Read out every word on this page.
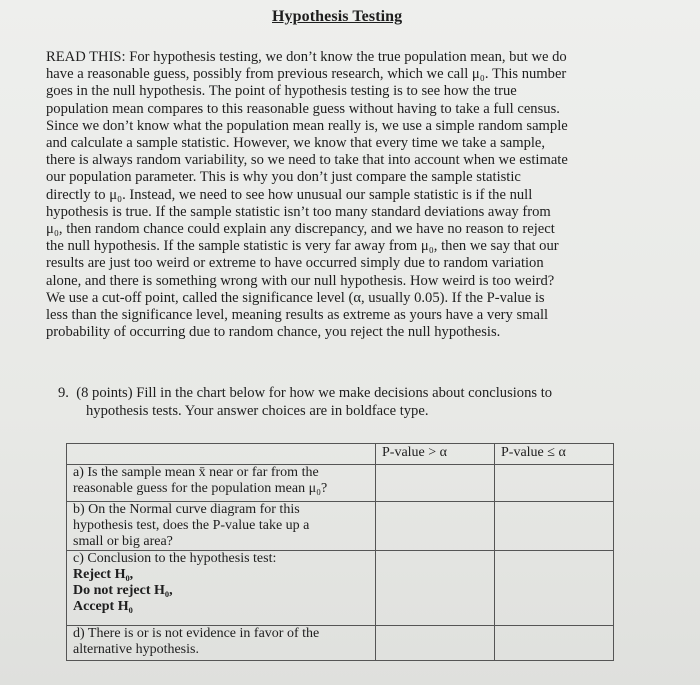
Hypothesis Testing
READ THIS: For hypothesis testing, we don’t know the true population mean, but we do
have a reasonable guess, possibly from previous research, which we call μ₀. This number
goes in the null hypothesis. The point of hypothesis testing is to see how the true
population mean compares to this reasonable guess without having to take a full census.
Since we don’t know what the population mean really is, we use a simple random sample
and calculate a sample statistic. However, we know that every time we take a sample,
there is always random variability, so we need to take that into account when we estimate
our population parameter. This is why you don’t just compare the sample statistic
directly to μ₀. Instead, we need to see how unusual our sample statistic is if the null
hypothesis is true. If the sample statistic isn’t too many standard deviations away from
μ₀, then random chance could explain any discrepancy, and we have no reason to reject
the null hypothesis. If the sample statistic is very far away from μ₀, then we say that our
results are just too weird or extreme to have occurred simply due to random variation
alone, and there is something wrong with our null hypothesis. How weird is too weird?
We use a cut-off point, called the significance level (α, usually 0.05). If the P-value is
less than the significance level, meaning results as extreme as yours have a very small
probability of occurring due to random chance, you reject the null hypothesis.
9. (8 points) Fill in the chart below for how we make decisions about conclusions to
hypothesis tests. Your answer choices are in boldface type.
	P-value > α	P-value ≤ α

a) Is the sample mean x̄ near or far from the
reasonable guess for the population mean μ₀?		

b) On the Normal curve diagram for this
hypothesis test, does the P-value take up a
small or big area?		

c) Conclusion to the hypothesis test:
Reject H₀,
Do not reject H₀,
Accept H₀		

d) There is or is not evidence in favor of the
alternative hypothesis.		
